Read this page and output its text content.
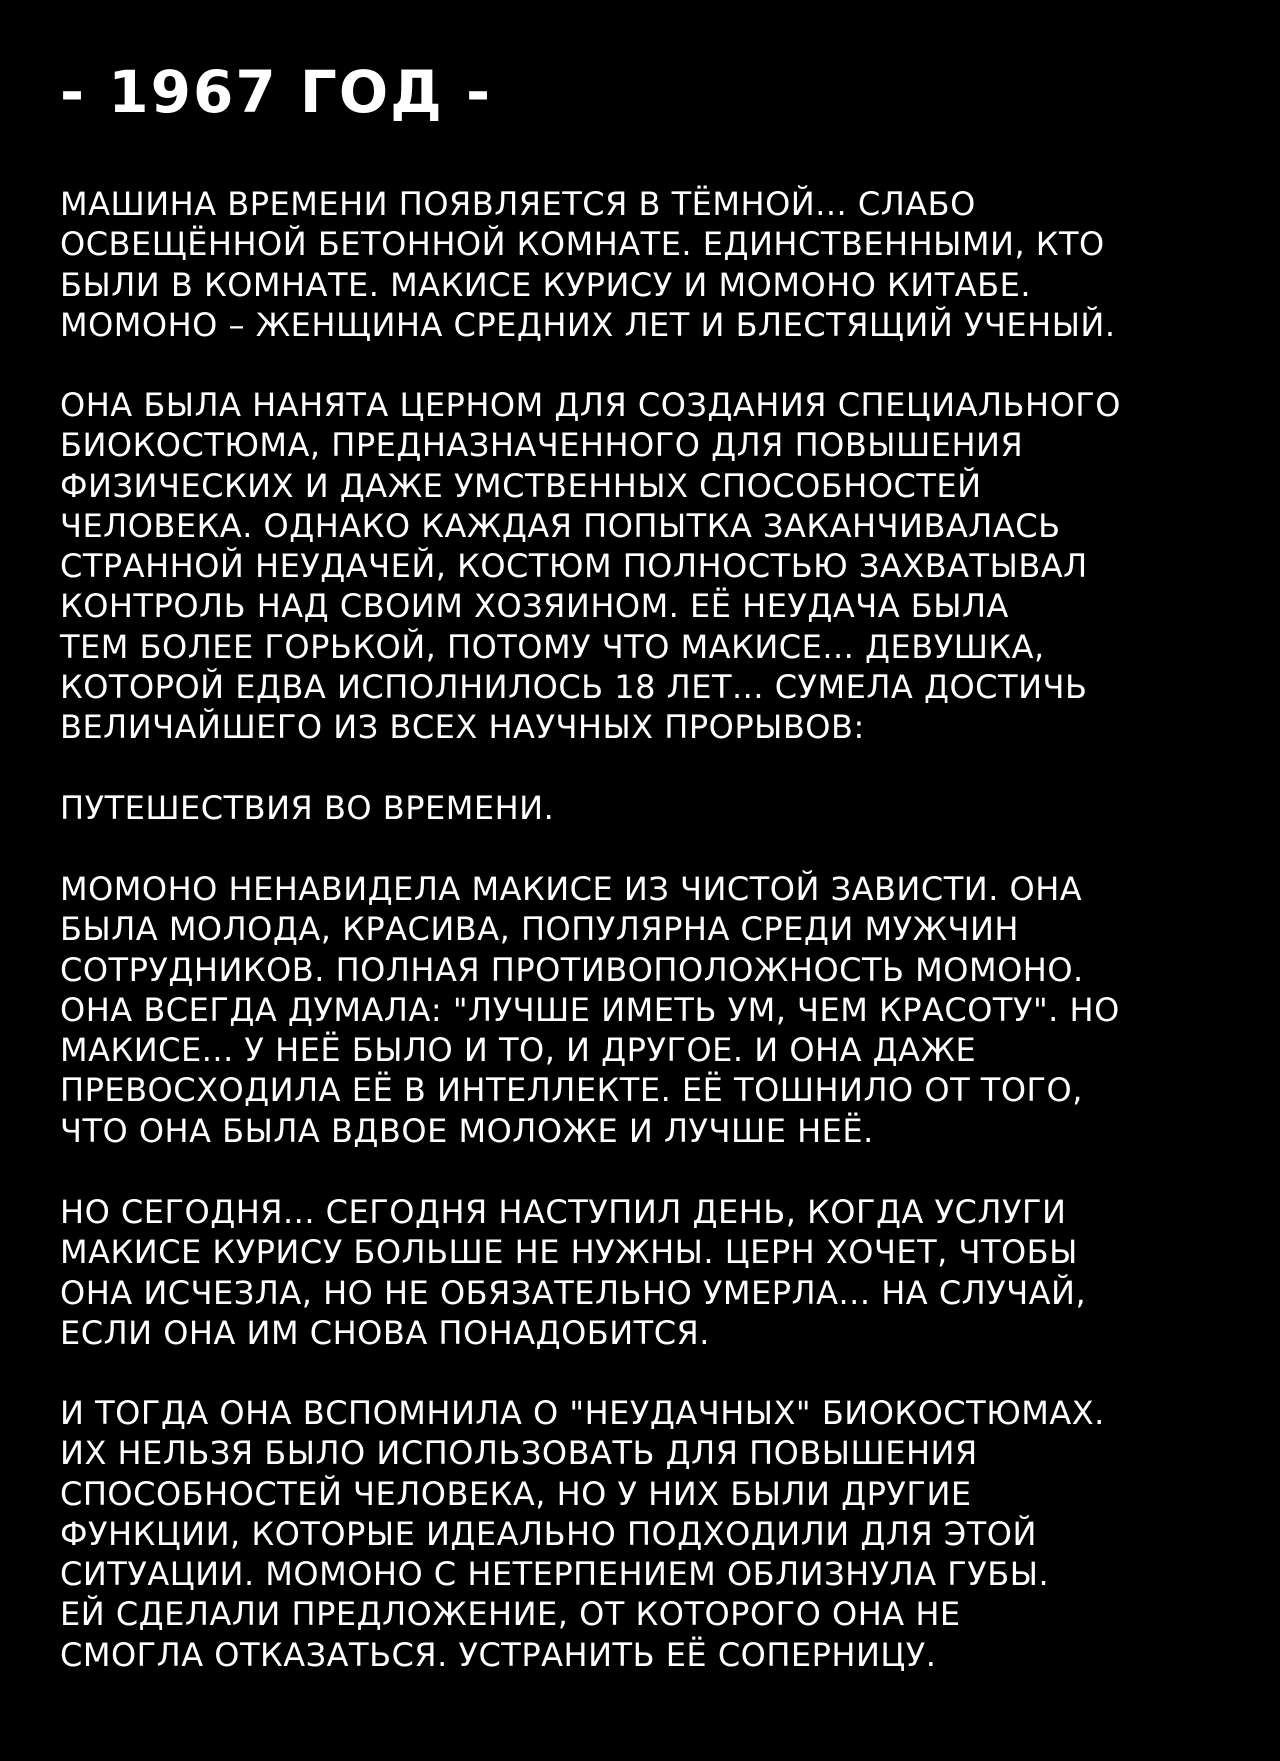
- 1967 ГОД -

МАШИНА ВРЕМЕНИ ПОЯВЛЯЕТСЯ В ТЁМНОЙ... СЛАБО
ОСВЕЩЁННОЙ БЕТОННОЙ КОМНАТЕ. ЕДИНСТВЕННЫМИ, КТО
БЫЛИ В КОМНАТЕ. МАКИСЕ КУРИСУ И МОМОНО КИТАБЕ.
МОМОНО – ЖЕНЩИНА СРЕДНИХ ЛЕТ И БЛЕСТЯЩИЙ УЧЕНЫЙ.

ОНА БЫЛА НАНЯТА ЦЕРНОМ ДЛЯ СОЗДАНИЯ СПЕЦИАЛЬНОГО
БИОКОСТЮМА, ПРЕДНАЗНАЧЕННОГО ДЛЯ ПОВЫШЕНИЯ
ФИЗИЧЕСКИХ И ДАЖЕ УМСТВЕННЫХ СПОСОБНОСТЕЙ
ЧЕЛОВЕКА. ОДНАКО КАЖДАЯ ПОПЫТКА ЗАКАНЧИВАЛАСЬ
СТРАННОЙ НЕУДАЧЕЙ, КОСТЮМ ПОЛНОСТЬЮ ЗАХВАТЫВАЛ
КОНТРОЛЬ НАД СВОИМ ХОЗЯИНОМ. ЕЁ НЕУДАЧА БЫЛА
ТЕМ БОЛЕЕ ГОРЬКОЙ, ПОТОМУ ЧТО МАКИСЕ... ДЕВУШКА,
КОТОРОЙ ЕДВА ИСПОЛНИЛОСЬ 18 ЛЕТ... СУМЕЛА ДОСТИЧЬ
ВЕЛИЧАЙШЕГО ИЗ ВСЕХ НАУЧНЫХ ПРОРЫВОВ:

ПУТЕШЕСТВИЯ ВО ВРЕМЕНИ.

МОМОНО НЕНАВИДЕЛА МАКИСЕ ИЗ ЧИСТОЙ ЗАВИСТИ. ОНА
БЫЛА МОЛОДА, КРАСИВА, ПОПУЛЯРНА СРЕДИ МУЖЧИН
СОТРУДНИКОВ. ПОЛНАЯ ПРОТИВОПОЛОЖНОСТЬ МОМОНО.
ОНА ВСЕГДА ДУМАЛА: "ЛУЧШЕ ИМЕТЬ УМ, ЧЕМ КРАСОТУ". НО
МАКИСЕ... У НЕЁ БЫЛО И ТО, И ДРУГОЕ. И ОНА ДАЖЕ
ПРЕВОСХОДИЛА ЕЁ В ИНТЕЛЛЕКТЕ. ЕЁ ТОШНИЛО ОТ ТОГО,
ЧТО ОНА БЫЛА ВДВОЕ МОЛОЖЕ И ЛУЧШЕ НЕЁ.

НО СЕГОДНЯ... СЕГОДНЯ НАСТУПИЛ ДЕНЬ, КОГДА УСЛУГИ
МАКИСЕ КУРИСУ БОЛЬШЕ НЕ НУЖНЫ. ЦЕРН ХОЧЕТ, ЧТОБЫ
ОНА ИСЧЕЗЛА, НО НЕ ОБЯЗАТЕЛЬНО УМЕРЛА... НА СЛУЧАЙ,
ЕСЛИ ОНА ИМ СНОВА ПОНАДОБИТСЯ.

И ТОГДА ОНА ВСПОМНИЛА О "НЕУДАЧНЫХ" БИОКОСТЮМАХ.
ИХ НЕЛЬЗЯ БЫЛО ИСПОЛЬЗОВАТЬ ДЛЯ ПОВЫШЕНИЯ
СПОСОБНОСТЕЙ ЧЕЛОВЕКА, НО У НИХ БЫЛИ ДРУГИЕ
ФУНКЦИИ, КОТОРЫЕ ИДЕАЛЬНО ПОДХОДИЛИ ДЛЯ ЭТОЙ
СИТУАЦИИ. МОМОНО С НЕТЕРПЕНИЕМ ОБЛИЗНУЛА ГУБЫ.
ЕЙ СДЕЛАЛИ ПРЕДЛОЖЕНИЕ, ОТ КОТОРОГО ОНА НЕ
СМОГЛА ОТКАЗАТЬСЯ. УСТРАНИТЬ ЕЁ СОПЕРНИЦУ.
